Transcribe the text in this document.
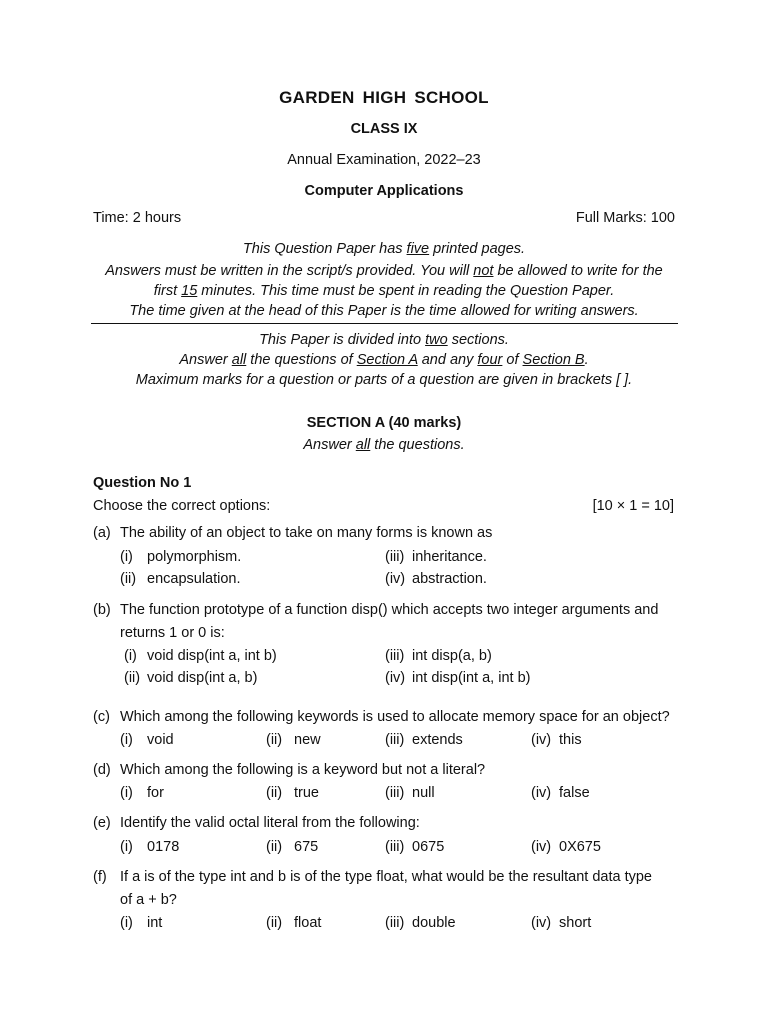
GARDEN HIGH SCHOOL
CLASS IX
Annual Examination, 2022–23
Computer Applications
Time: 2 hours	Full Marks: 100
This Question Paper has five printed pages.
Answers must be written in the script/s provided. You will not be allowed to write for the
first 15 minutes. This time must be spent in reading the Question Paper.
The time given at the head of this Paper is the time allowed for writing answers.
This Paper is divided into two sections.
Answer all the questions of Section A and any four of Section B.
Maximum marks for a question or parts of a question are given in brackets [ ].
SECTION A (40 marks)
Answer all the questions.
Question No 1
Choose the correct options:	[10 × 1 = 10]
(a) The ability of an object to take on many forms is known as
(i) polymorphism.
(ii) encapsulation.
(iii) inheritance.
(iv) abstraction.
(b) The function prototype of a function disp() which accepts two integer arguments and
returns 1 or 0 is:
(i) void disp(int a, int b)
(ii) void disp(int a, b)
(iii) int disp(a, b)
(iv) int disp(int a, int b)
(c) Which among the following keywords is used to allocate memory space for an object?
(i) void	(ii) new	(iii) extends	(iv) this
(d) Which among the following is a keyword but not a literal?
(i) for	(ii) true	(iii) null	(iv) false
(e) Identify the valid octal literal from the following:
(i) 0178	(ii) 675	(iii) 0675	(iv) 0X675
(f) If a is of the type int and b is of the type float, what would be the resultant data type
of a + b?
(i) int	(ii) float	(iii) double	(iv) short
